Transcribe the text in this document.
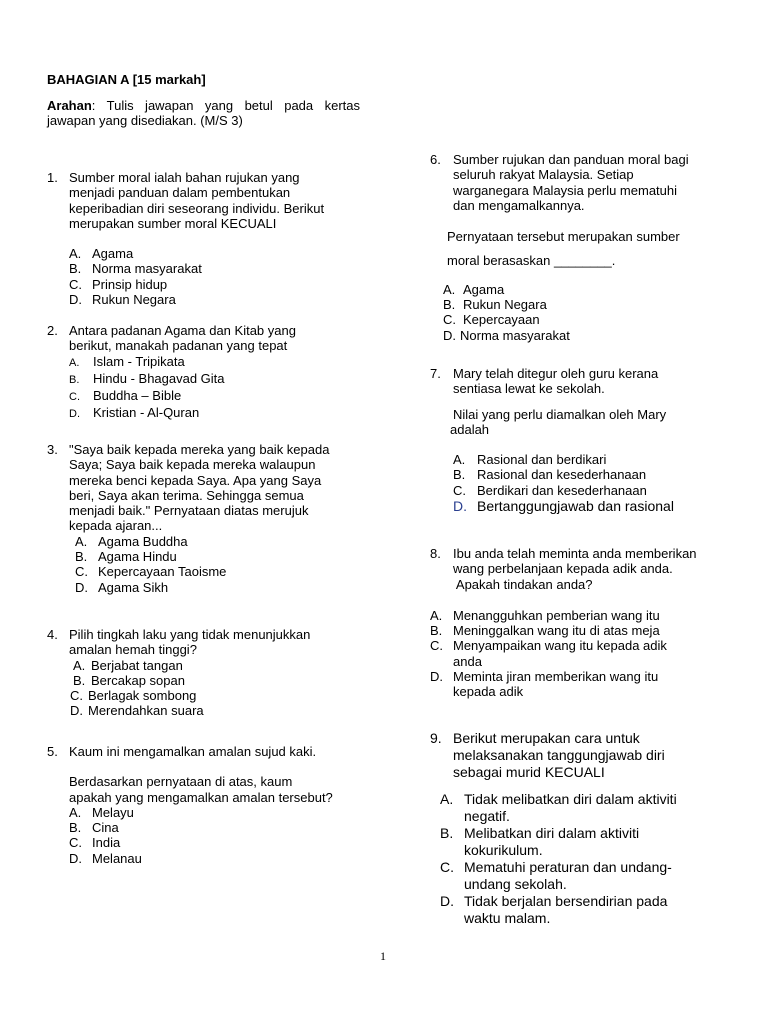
BAHAGIAN A [15 markah]
Arahan: Tulis jawapan yang betul pada kertas
jawapan yang disediakan. (M/S 3)
1. Sumber moral ialah bahan rujukan yang
menjadi panduan dalam pembentukan
keperibadian diri seseorang individu. Berikut
merupakan sumber moral KECUALI
A. Agama
B. Norma masyarakat
C. Prinsip hidup
D. Rukun Negara
2. Antara padanan Agama dan Kitab yang
berikut, manakah padanan yang tepat
A. Islam - Tripikata
B. Hindu - Bhagavad Gita
C. Buddha – Bible
D. Kristian - Al-Quran
3. "Saya baik kepada mereka yang baik kepada
Saya; Saya baik kepada mereka walaupun
mereka benci kepada Saya. Apa yang Saya
beri, Saya akan terima. Sehingga semua
menjadi baik." Pernyataan diatas merujuk
kepada ajaran...
A. Agama Buddha
B. Agama Hindu
C. Kepercayaan Taoisme
D. Agama Sikh
4. Pilih tingkah laku yang tidak menunjukkan
amalan hemah tinggi?
A. Berjabat tangan
B. Bercakap sopan
C. Berlagak sombong
D. Merendahkan suara
5. Kaum ini mengamalkan amalan sujud kaki.
Berdasarkan pernyataan di atas, kaum
apakah yang mengamalkan amalan tersebut?
A. Melayu
B. Cina
C. India
D. Melanau
6. Sumber rujukan dan panduan moral bagi
seluruh rakyat Malaysia. Setiap
warganegara Malaysia perlu mematuhi
dan mengamalkannya.
Pernyataan tersebut merupakan sumber
moral berasaskan ________.
A. Agama
B. Rukun Negara
C. Kepercayaan
D. Norma masyarakat
7. Mary telah ditegur oleh guru kerana
sentiasa lewat ke sekolah.
Nilai yang perlu diamalkan oleh Mary
adalah
A. Rasional dan berdikari
B. Rasional dan kesederhanaan
C. Berdikari dan kesederhanaan
D. Bertanggungjawab dan rasional
8. Ibu anda telah meminta anda memberikan
wang perbelanjaan kepada adik anda.
Apakah tindakan anda?
A. Menangguhkan pemberian wang itu
B. Meninggalkan wang itu di atas meja
C. Menyampaikan wang itu kepada adik
anda
D. Meminta jiran memberikan wang itu
kepada adik
9. Berikut merupakan cara untuk
melaksanakan tanggungjawab diri
sebagai murid KECUALI
A. Tidak melibatkan diri dalam aktiviti
negatif.
B. Melibatkan diri dalam aktiviti
kokurikulum.
C. Mematuhi peraturan dan undang-
undang sekolah.
D. Tidak berjalan bersendirian pada
waktu malam.
1
